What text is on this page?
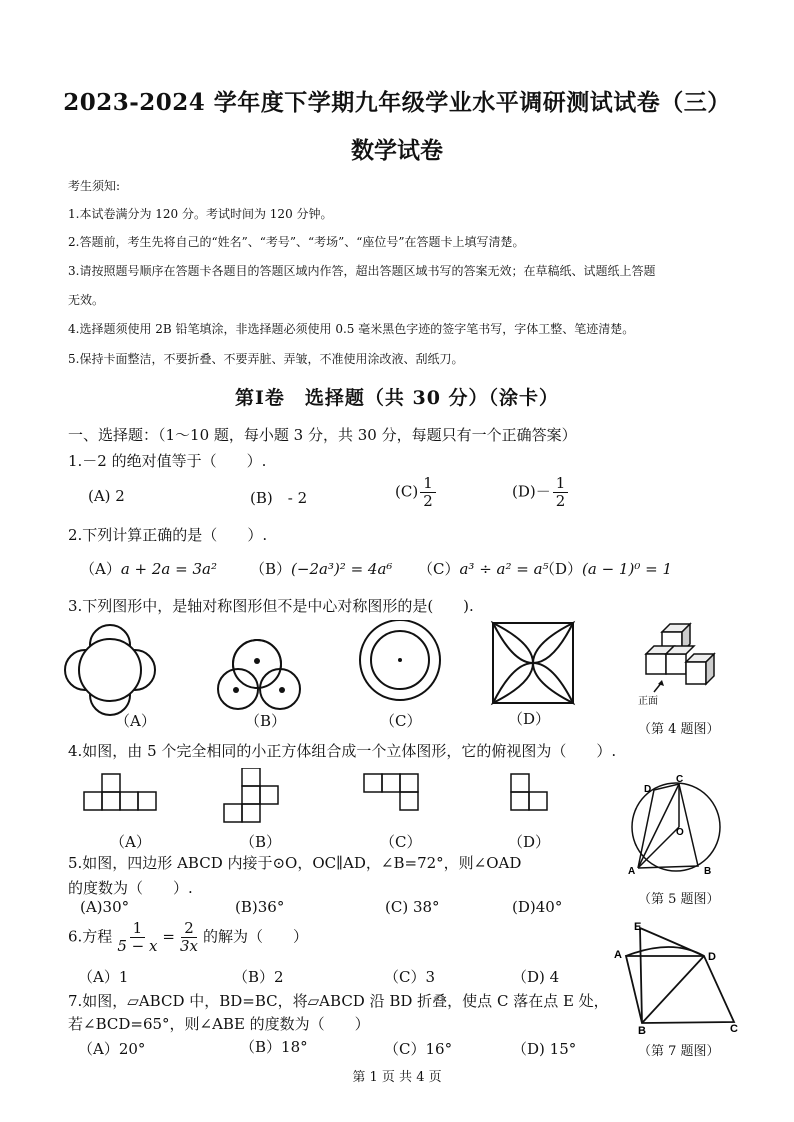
2023-2024 学年度下学期九年级学业水平调研测试试卷（三）
数学试卷
考生须知:
1.本试卷满分为 120 分。考试时间为 120 分钟。
2.答题前，考生先将自己的“姓名”、“考号”、“考场”、“座位号”在答题卡上填写清楚。
3.请按照题号顺序在答题卡各题目的答题区域内作答，超出答题区域书写的答案无效；在草稿纸、试题纸上答题
无效。
4.选择题须使用 2B 铅笔填涂，非选择题必须使用 0.5 毫米黑色字迹的签字笔书写，字体工整、笔迹清楚。
5.保持卡面整洁，不要折叠、不要弄脏、弄皱，不准使用涂改液、刮纸刀。
第Ⅰ卷　选择题（共 30 分）（涂卡）
一、选择题：（1～10 题，每小题 3 分，共 30 分，每题只有一个正确答案）
1.－2 的绝对值等于（　　）.
(A) 2	(B)　- 2	$(C) \frac{1}{2}$	$(D)- \frac{1}{2}$
2.下列计算正确的是（　　）.
（A）a + 2a = 3a² （B）(−2a³)² = 4a⁶ （C）a³ ÷ a² = a⁵
（D）(a − 1)⁰ = 1
3.下列图形中，是轴对称图形但不是中心对称图形的是(　　).
（A）	（B）	（C）	（D）
正面
（第 4 题图）
4.如图，由 5 个完全相同的小正方体组合成一个立体图形，它的俯视图为（　　）.
（A）	（B）	（C）	（D）
D
C
O
A	B
（第 5 题图）
5.如图，四边形 ABCD 内接于⊙O，OC∥AD，∠B=72°，则∠OAD
的度数为（　　）.
(A)30°	(B)36°	(C) 38°	(D)40°
6.方程 $\frac{1}{5 - x} = \frac{2}{3x}$ 的解为（　　）
（A）1	（B）2	（C）3	（D) 4
E
A	D
B	C
（第 7 题图）
7.如图，▱ABCD 中，BD=BC，将▱ABCD 沿 BD 折叠，使点 C 落在点 E 处，
若∠BCD=65°，则∠ABE 的度数为（　　）
（A）20°	（B）18°	（C）16°	（D) 15°
第 1 页 共 4 页
